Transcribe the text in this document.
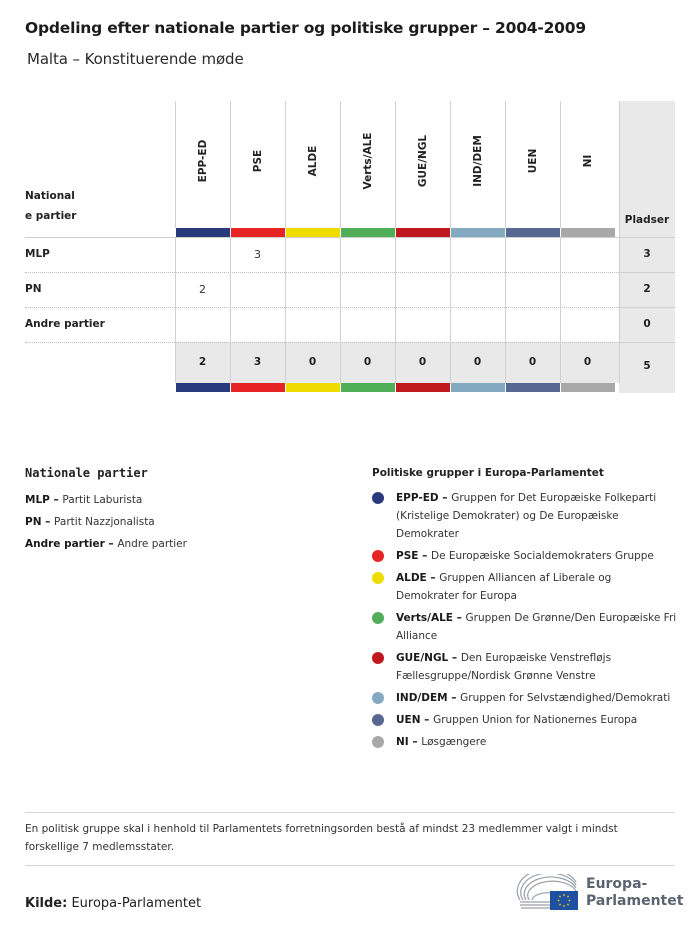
Opdeling efter nationale partier og politiske grupper – 2004-2009
Malta – Konstituerende møde
Pladser
National
e partier
MLP
PN
Andre partier
3
2
0
5
EPP-ED
2
2
PSE
3
3
ALDE
0
Verts/ALE
0
GUE/NGL
0
IND/DEM
0
UEN
0
NI
0
Nationale partier
MLP – Partit Laburista
PN – Partit Nazzjonalista
Andre partier – Andre partier
Politiske grupper i Europa-Parlamentet
EPP-ED – Gruppen for Det Europæiske Folkeparti (Kristelige Demokrater) og De Europæiske Demokrater
PSE – De Europæiske Socialdemokraters Gruppe
ALDE – Gruppen Alliancen af Liberale og Demokrater for Europa
Verts/ALE – Gruppen De Grønne/Den Europæiske Fri Alliance
GUE/NGL – Den Europæiske Venstrefløjs Fællesgruppe/Nordisk Grønne Venstre
IND/DEM – Gruppen for Selvstændighed/Demokrati
UEN – Gruppen Union for Nationernes Europa
NI – Løsgængere
En politisk gruppe skal i henhold til Parlamentets forretningsorden bestå af mindst 23 medlemmer valgt i mindst forskellige 7 medlemsstater.
Kilde: Europa-Parlamentet
Europa-
Parlamentet
